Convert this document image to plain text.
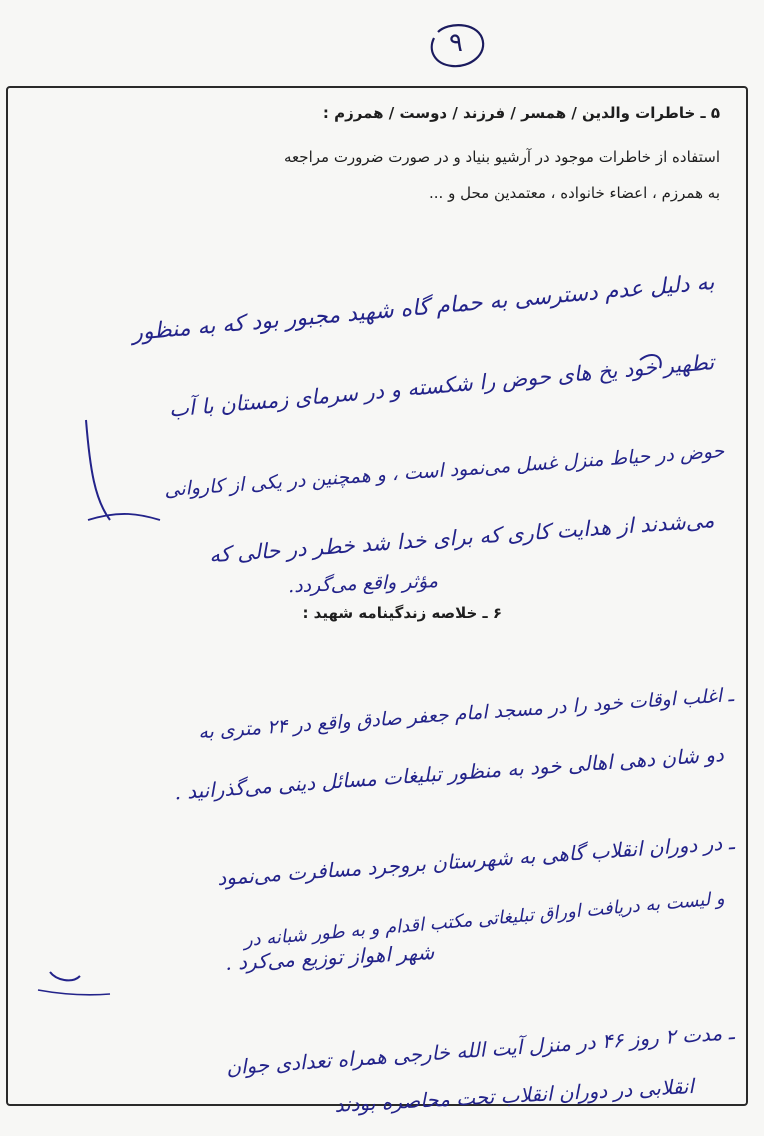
۹
۵ ـ خاطرات والدین / همسر / فرزند / دوست / همرزم :
استفاده از خاطرات موجود در آرشیو بنیاد و در صورت ضرورت مراجعه
به همرزم ، اعضاء خانواده ، معتمدین محل و ...
به دلیل عدم دسترسی به حمام گاه شهید مجبور بود که به منظور
تطهیر خود یخ های حوض را شکسته و در سرمای زمستان با آب
حوض در حیاط منزل غسل می‌نمود است ، و همچنین در یکی از کاروانی
می‌شدند از هدایت کاری که برای خدا شد خطر در حالی که
مؤثر واقع می‌گردد.
۶ ـ خلاصه زندگینامه شهید :
ـ اغلب اوقات خود را در مسجد امام جعفر صادق واقع در ۲۴ متری به
دو شان دهی اهالی خود به منظور تبلیغات مسائل دینی می‌گذرانید .
ـ در دوران انقلاب گاهی به شهرستان بروجرد مسافرت می‌نمود
و لیست به دریافت اوراق تبلیغاتی مکتب اقدام و به طور شبانه در
شهر اهواز توزیع می‌کرد .
ـ مدت ۲ روز ۴۶ در منزل آیت الله خارجی همراه تعدادی جوان
انقلابی در دوران انقلاب تحت محاصره بودند
